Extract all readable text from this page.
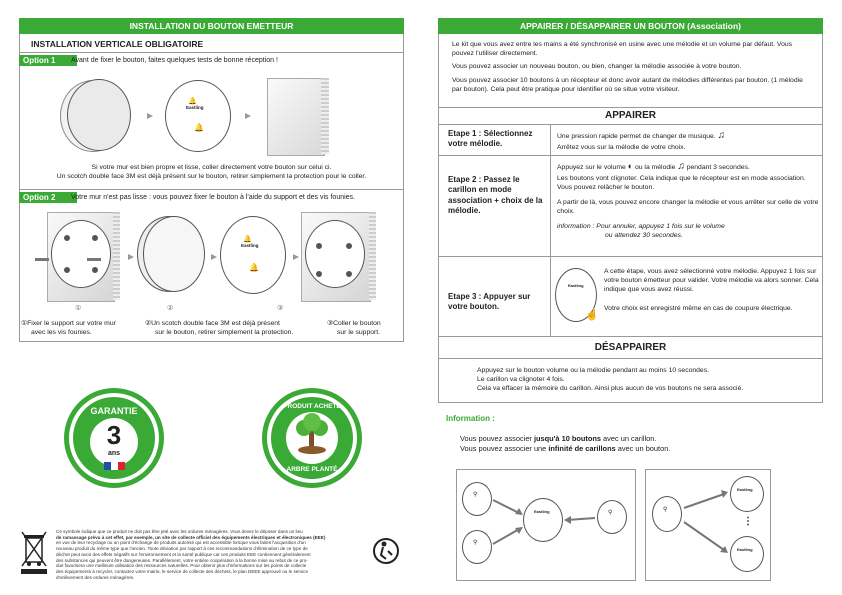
INSTALLATION DU BOUTON EMETTEUR
INSTALLATION VERTICALE OBLIGATOIRE
Option 1	Avant de fixer le bouton, faites quelques tests de bonne réception !
🔔
Eastling
🔔
Si votre mur est bien propre et lisse, coller directement votre bouton sur celui ci.
Un scotch double face 3M est déjà présent sur le bouton, retirer simplement la protection pour le coller.
Option 2	Votre mur n'est pas lisse : vous pouvez fixer le bouton à l'aide du support et des vis founies.
🔔
Eastling
🔔
①	②	③
①Fixer le support sur votre mur
avec les vis founies.
②Un scotch double face 3M est déjà présent
sur le bouton, retirer simplement la protection.
③Coller le bouton
sur le support.
GARANTIE
3
ans
PRODUIT ACHETÉ
ARBRE PLANTÉ
Ce symbole indique que ce produit ne doit pas être jeté avec les ordures ménagères. Vous devez le déposer dans un lieu
de ramassage prévu à cet effet, par exemple, un site de collecte officiel des équipements électriques et électroniques (EEE)
en vue de leur recyclage ou un point d'échange de produits autorisé qui est accessible lorsque vous faites l'acquisition d'un
nouveau produit du même type que l'ancien. Toute déviation par rapport à ces recommandations d'élimination de ce type de
déchet peut avoir des effets négatifs sur l'environnement et la santé publique car ces produits EEE contiennent généralement
des substances qui peuvent être dangereuses. Parallèlement, votre entière coopération à la bonne mise au rebut de ce pro-
duit favorisera une meilleure utilisation des ressources naturelles. Pour obtenir plus d'informations sur les points de collecte
des équipements à recycler, contactez votre mairie, le service de collecte des déchets, le plan DEEE approuvé ou le service
d'enlèvement des ordures ménagères.
APPAIRER / DÉSAPPAIRER UN BOUTON (Association)
Le kit que vous avez entre les mains a été synchronisé en usine avec une mélodie et un volume par défaut. Vous pouvez l'utiliser directement.
Vous pouvez associer un nouveau bouton, ou bien, changer la mélodie associée à votre bouton.
Vous pouvez associer 10 boutons à un récepteur et donc avoir autant de mélodies différentes par bouton. (1 mélodie par bouton). Cela peut être pratique pour identifier où se situe votre visiteur.
APPAIRER
Etape 1 : Sélectionnez votre mélodie.
Une pression rapide permet de changer de musique. ♫
Arrêtez vous sur la mélodie de votre choix.
Etape 2 : Passez le carillon en mode association + choix de la mélodie.
Appuyez sur le volume ◐ ou la mélodie ♫ pendant 3 secondes.
Les boutons vont clignoter. Cela indique que le récepteur est en mode association. Vous pouvez relâcher le bouton.
A partir de là, vous pouvez encore changer la mélodie et vous arrêter sur celle de votre choix.
information : Pour annuler, appuyez 1 fois sur le volume
ou attendez 30 secondes.
Etape 3 : Appuyer sur votre bouton.
Eastling
☝
A cette étape, vous avez sélectionné votre mélodie. Appuyez 1 fois sur votre bouton émetteur pour valider. Votre mélodie va alors sonner. Cela indique que vous avez réussi.
Votre choix est enregistré même en cas de coupure électrique.
DÉSAPPAIRER
Appuyez sur le bouton volume ou la mélodie pendant au moins 10 secondes.
Le carillon va clignoter 4 fois.
Cela va effacer la mémoire du carillon. Ainsi plus aucun de vos boutons ne sera associé.
Information :
Vous pouvez associer jusqu'à 10 boutons avec un carillon.
Vous pouvez associer une infinité de carillons avec un bouton.
⚲
⚲
Eastling	⚲	⚲
Eastling
⋮
Eastling
